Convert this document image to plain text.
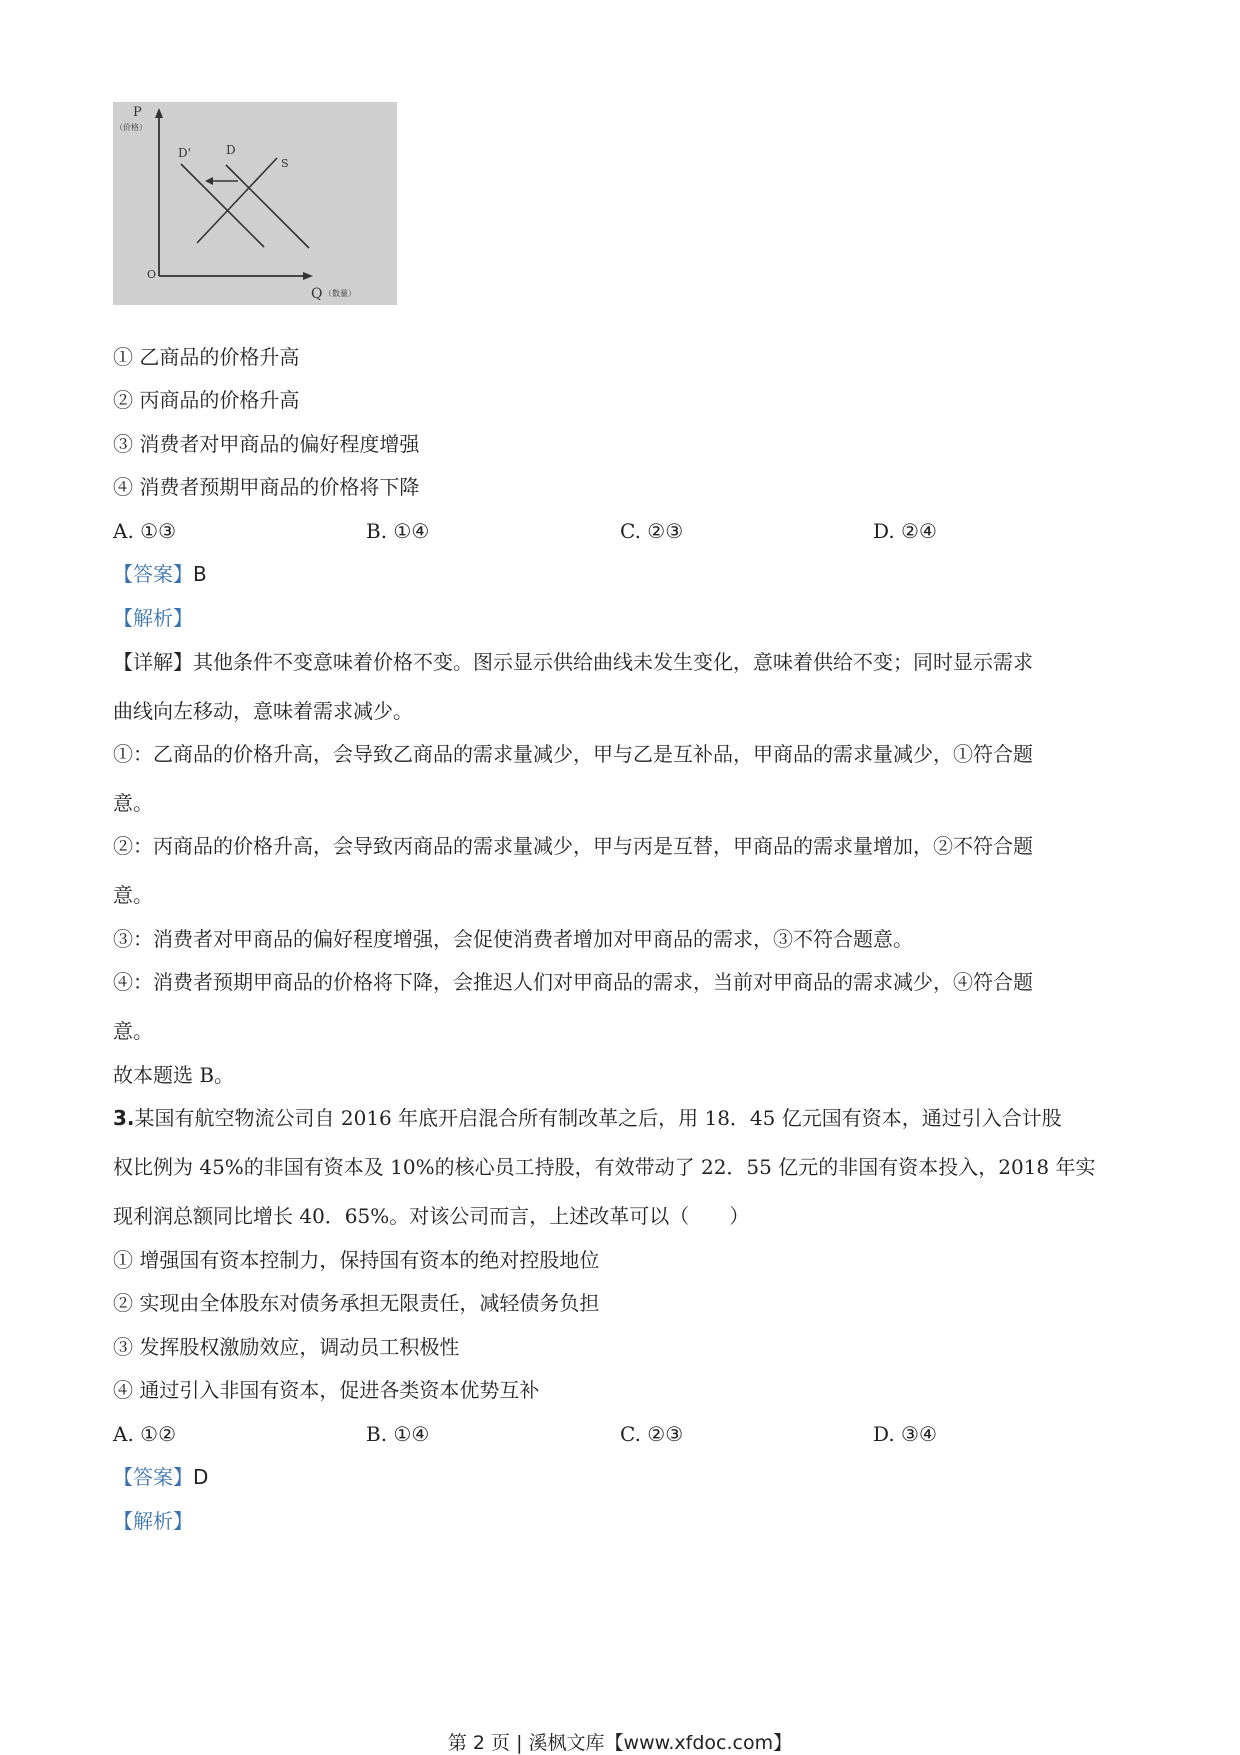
P
（价格）
O
Q （数量）
D'	D
S
① 乙商品的价格升高
② 丙商品的价格升高
③ 消费者对甲商品的偏好程度增强
④ 消费者预期甲商品的价格将下降
A. ①③	B. ①④	C. ②③	D. ②④
【答案】B
【解析】
【详解】其他条件不变意味着价格不变。图示显示供给曲线未发生变化，意味着供给不变；同时显示需求
曲线向左移动，意味着需求减少。
①：乙商品的价格升高，会导致乙商品的需求量减少，甲与乙是互补品，甲商品的需求量减少，①符合题
意。
②：丙商品的价格升高，会导致丙商品的需求量减少，甲与丙是互替，甲商品的需求量增加，②不符合题
意。
③：消费者对甲商品的偏好程度增强，会促使消费者增加对甲商品的需求，③不符合题意。
④：消费者预期甲商品的价格将下降，会推迟人们对甲商品的需求，当前对甲商品的需求减少，④符合题
意。
故本题选 B。
3.某国有航空物流公司自 2016 年底开启混合所有制改革之后，用 18．45 亿元国有资本，通过引入合计股
权比例为 45%的非国有资本及 10%的核心员工持股，有效带动了 22．55 亿元的非国有资本投入，2018 年实
现利润总额同比增长 40．65%。对该公司而言，上述改革可以（　　）
① 增强国有资本控制力，保持国有资本的绝对控股地位
② 实现由全体股东对债务承担无限责任，减轻债务负担
③ 发挥股权激励效应，调动员工积极性
④ 通过引入非国有资本，促进各类资本优势互补
A. ①②	B. ①④	C. ②③	D. ③④
【答案】D
【解析】
第 2 页 | 溪枫文库【www.xfdoc.com】
